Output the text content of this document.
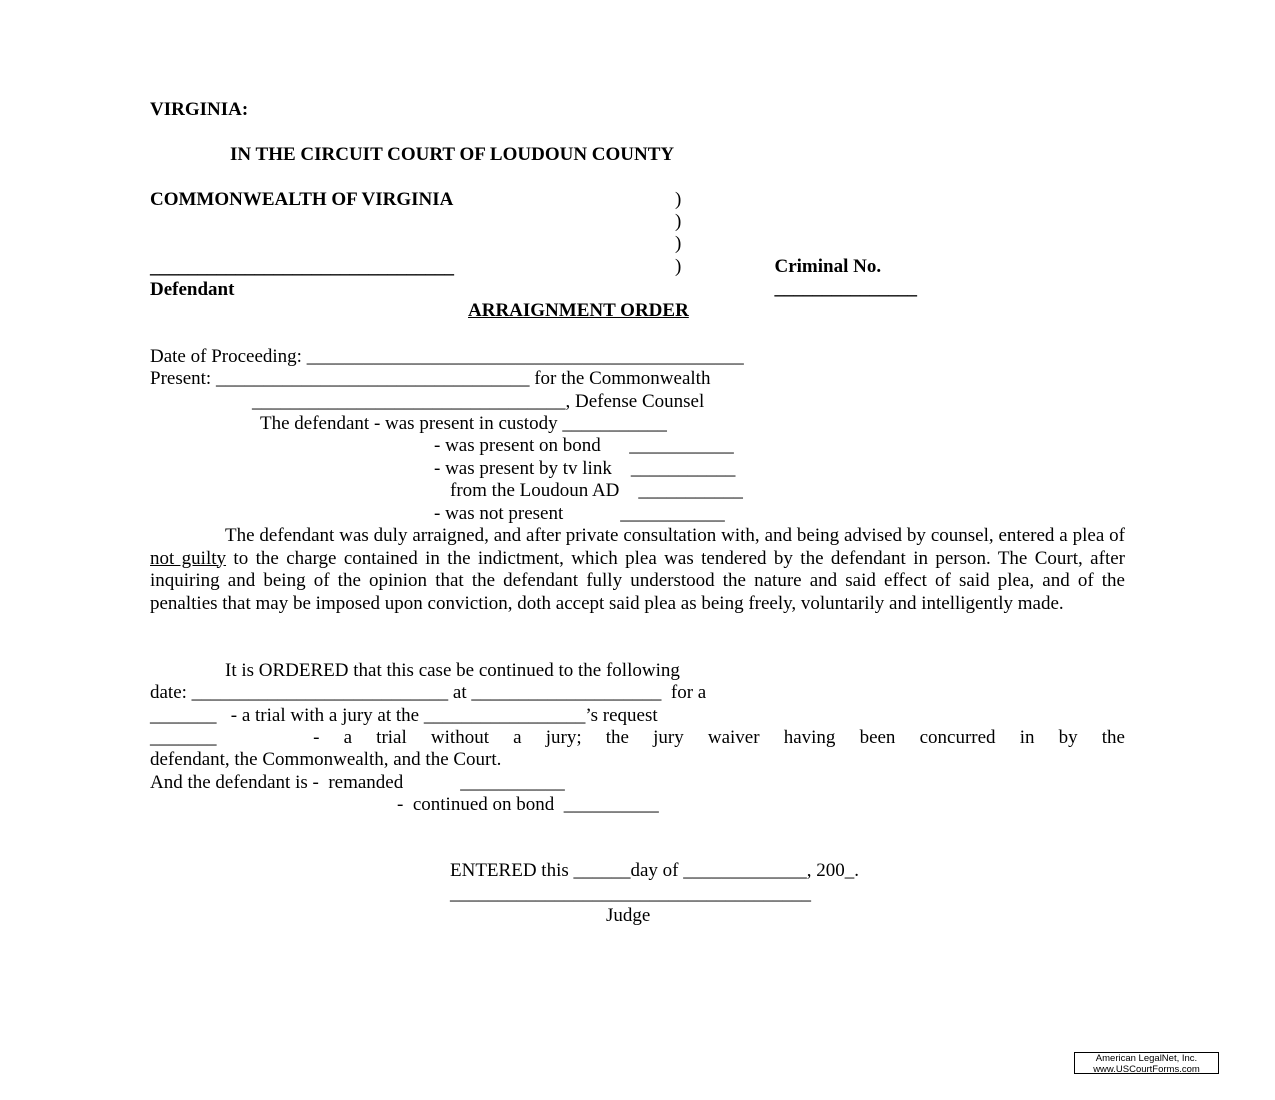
VIRGINIA:
IN THE CIRCUIT COURT OF LOUDOUN COUNTY
COMMONWEALTH OF VIRGINIA	)
)
)
)	Criminal No.
_______________

________________________________
Defendant
ARRAIGNMENT ORDER
Date of Proceeding: ______________________________________________
Present: _________________________________ for the Commonwealth
_________________________________, Defense Counsel
The defendant - was present in custody ___________
- was present on bond      ___________
- was present by tv link    ___________
from the Loudoun AD    ___________
- was not present            ___________
The defendant was duly arraigned, and after private consultation with, and being advised by counsel, entered a plea of not guilty to the charge contained in the indictment, which plea was tendered by the defendant in person. The Court, after inquiring and being of the opinion that the defendant fully understood the nature and said effect of said plea, and of the penalties that may be imposed upon conviction, doth accept said plea as being freely, voluntarily and intelligently made.
It is ORDERED that this case be continued to the following
date: ___________________________ at ____________________  for a
_______   - a trial with a jury at the _________________’s request
_______    - a trial without a jury; the jury waiver having been concurred in by the
defendant, the Commonwealth, and the Court.
And the defendant is -  remanded            ___________
-  continued on bond  __________
ENTERED this ______day of _____________, 200_.
______________________________________
Judge
American LegalNet, Inc.
www.USCourtForms.com
